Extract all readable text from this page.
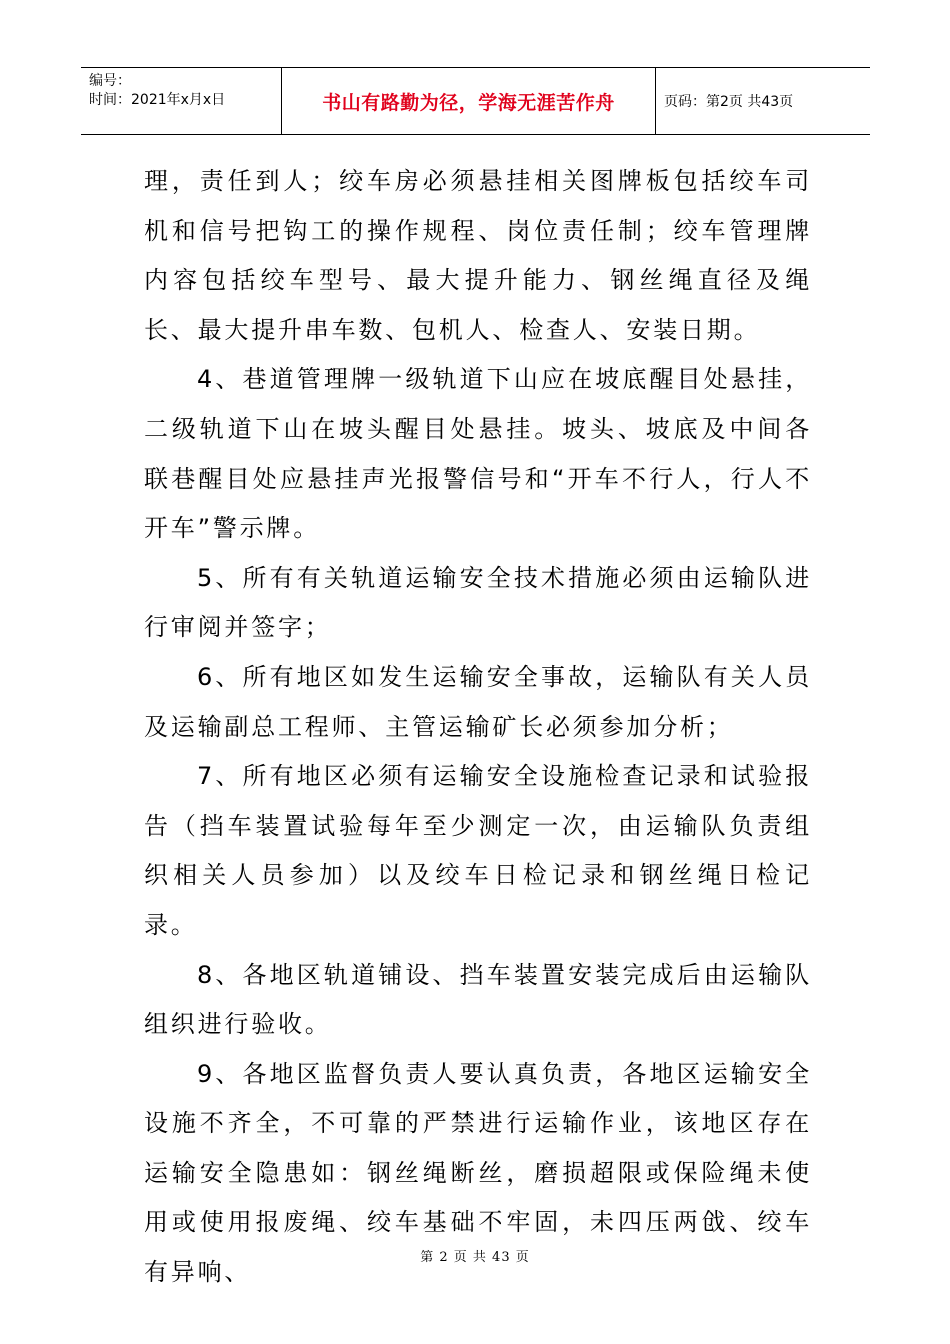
编号：
时间：2021年x月x日	书山有路勤为径，学海无涯苦作舟	页码：第2页 共43页

理，责任到人；绞车房必须悬挂相关图牌板包括绞车司机和信号把钩工的操作规程、岗位责任制；绞车管理牌内容包括绞车型号、最大提升能力、钢丝绳直径及绳长、最大提升串车数、包机人、检查人、安装日期。

4、巷道管理牌一级轨道下山应在坡底醒目处悬挂，二级轨道下山在坡头醒目处悬挂。坡头、坡底及中间各联巷醒目处应悬挂声光报警信号和“开车不行人，行人不开车”警示牌。

5、所有有关轨道运输安全技术措施必须由运输队进行审阅并签字；

6、所有地区如发生运输安全事故，运输队有关人员及运输副总工程师、主管运输矿长必须参加分析；

7、所有地区必须有运输安全设施检查记录和试验报告（挡车装置试验每年至少测定一次，由运输队负责组织相关人员参加）以及绞车日检记录和钢丝绳日检记录。

8、各地区轨道铺设、挡车装置安装完成后由运输队组织进行验收。

9、各地区监督负责人要认真负责，各地区运输安全设施不齐全，不可靠的严禁进行运输作业，该地区存在运输安全隐患如：钢丝绳断丝，磨损超限或保险绳未使用或使用报废绳、绞车基础不牢固，未四压两戗、绞车有异响、

第 2 页 共 43 页
